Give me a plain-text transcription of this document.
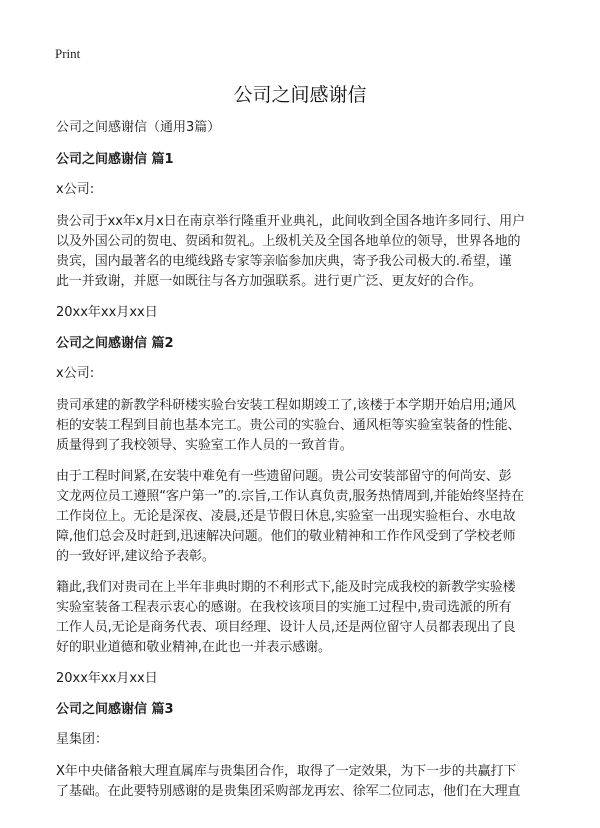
Print
公司之间感谢信

公司之间感谢信（通用3篇）

公司之间感谢信 篇1

x公司:

贵公司于xx年x月x日在南京举行隆重开业典礼，此间收到全国各地许多同行、用户

以及外国公司的贺电、贺函和贺礼。上级机关及全国各地单位的领导，世界各地的

贵宾，国内最著名的电缆线路专家等亲临参加庆典，寄予我公司极大的.希望，谨

此一并致谢，并愿一如既往与各方加强联系。进行更广泛、更友好的合作。

20xx年xx月xx日

公司之间感谢信 篇2

x公司:

贵司承建的新教学科研楼实验台安装工程如期竣工了,该楼于本学期开始启用;通风

柜的安装工程到目前也基本完工。贵公司的实验台、通风柜等实验室装备的性能、

质量得到了我校领导、实验室工作人员的一致首肯。

由于工程时间紧,在安装中难免有一些遗留问题。贵公司安装部留守的何尚安、彭

文龙两位员工遵照“客户第一”的.宗旨,工作认真负责,服务热情周到,并能始终坚持在

工作岗位上。无论是深夜、凌晨,还是节假日休息,实验室一出现实验柜台、水电故

障,他们总会及时赶到,迅速解决问题。他们的敬业精神和工作作风受到了学校老师

的一致好评,建议给予表彰。

籍此,我们对贵司在上半年非典时期的不利形式下,能及时完成我校的新教学实验楼

实验室装备工程表示衷心的感谢。在我校该项目的实施工过程中,贵司选派的所有

工作人员,无论是商务代表、项目经理、设计人员,还是两位留守人员都表现出了良

好的职业道德和敬业精神,在此也一并表示感谢。

20xx年xx月xx日

公司之间感谢信 篇3

星集团：

X年中央储备粮大理直属库与贵集团合作，取得了一定效果，为下一步的共赢打下

了基础。在此要特别感谢的是贵集团采购部龙再宏、徐军二位同志，他们在大理直
